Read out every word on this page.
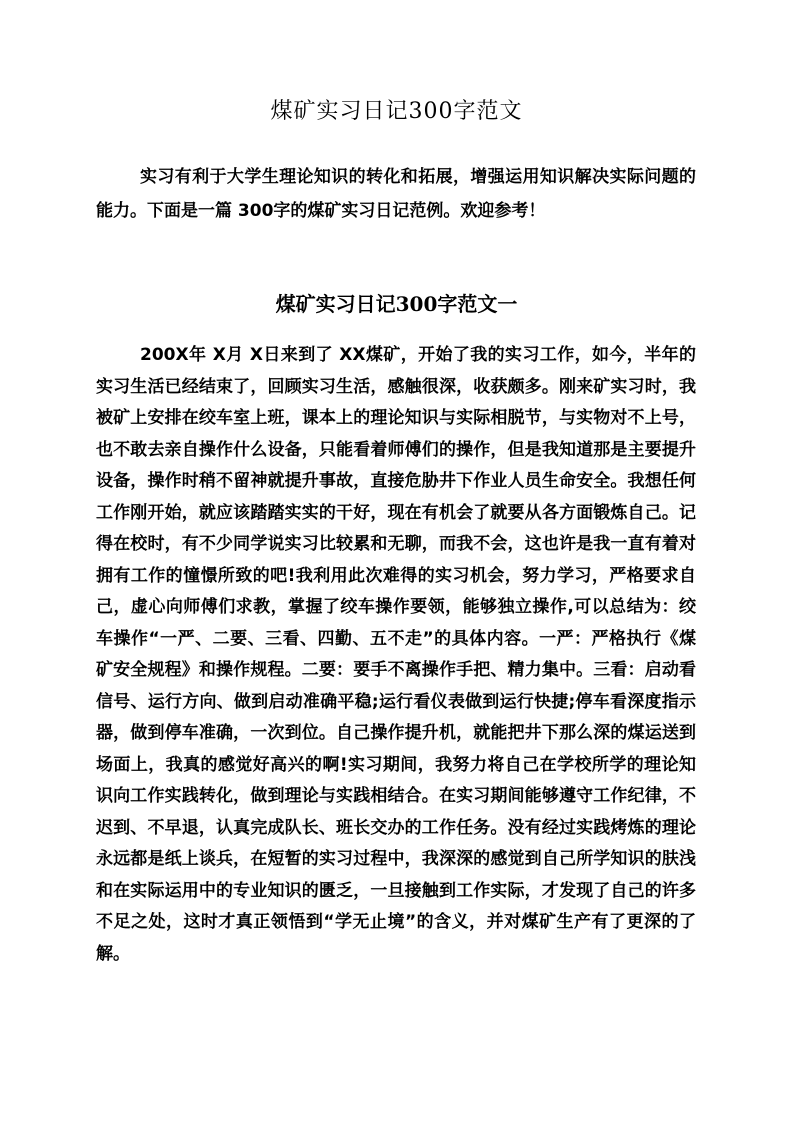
煤矿实习日记300字范文

实习有利于大学生理论知识的转化和拓展，增强运用知识解决实际问题的能力。下面是一篇 300字的煤矿实习日记范例。欢迎参考！

煤矿实习日记300字范文一

200X年 X月 X日来到了 XX煤矿，开始了我的实习工作，如今，半年的实习生活已经结束了，回顾实习生活，感触很深，收获颇多。刚来矿实习时，我被矿上安排在绞车室上班，课本上的理论知识与实际相脱节，与实物对不上号，也不敢去亲自操作什么设备，只能看着师傅们的操作，但是我知道那是主要提升设备，操作时稍不留神就提升事故，直接危胁井下作业人员生命安全。我想任何工作刚开始，就应该踏踏实实的干好，现在有机会了就要从各方面锻炼自己。记得在校时，有不少同学说实习比较累和无聊，而我不会，这也许是我一直有着对拥有工作的憧憬所致的吧!我利用此次难得的实习机会，努力学习，严格要求自己，虚心向师傅们求教，掌握了绞车操作要领，能够独立操作,可以总结为：绞车操作“一严、二要、三看、四勤、五不走”的具体内容。一严：严格执行《煤矿安全规程》和操作规程。二要：要手不离操作手把、精力集中。三看：启动看信号、运行方向、做到启动准确平稳;运行看仪表做到运行快捷;停车看深度指示器，做到停车准确，一次到位。自己操作提升机，就能把井下那么深的煤运送到场面上，我真的感觉好高兴的啊!实习期间，我努力将自己在学校所学的理论知识向工作实践转化，做到理论与实践相结合。在实习期间能够遵守工作纪律，不迟到、不早退，认真完成队长、班长交办的工作任务。没有经过实践烤炼的理论永远都是纸上谈兵，在短暂的实习过程中，我深深的感觉到自己所学知识的肤浅和在实际运用中的专业知识的匮乏，一旦接触到工作实际，才发现了自己的许多不足之处，这时才真正领悟到“学无止境”的含义，并对煤矿生产有了更深的了解。
